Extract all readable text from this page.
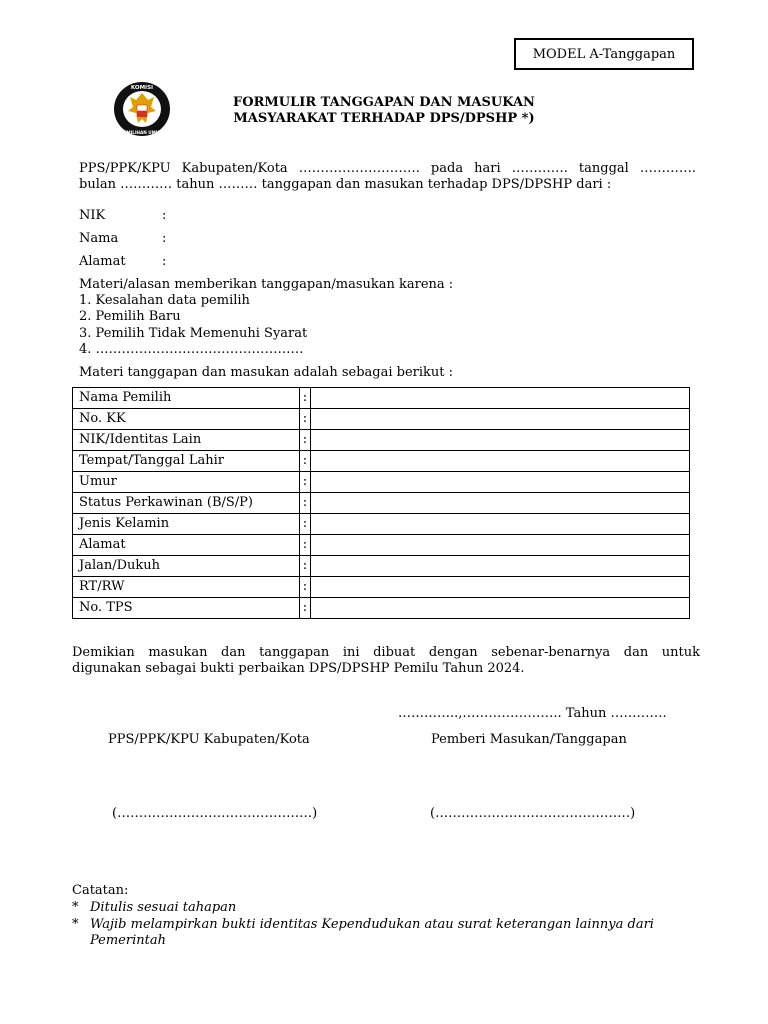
MODEL A-Tanggapan
KOMISI
PEMILIHAN UMUM
FORMULIR TANGGAPAN DAN MASUKAN
MASYARAKAT TERHADAP DPS/DPSHP *)
PPS/PPK/KPU Kabupaten/Kota ………………………. pada hari …………. tanggal ………….
bulan ………… tahun ……… tanggapan dan masukan terhadap DPS/DPSHP dari :
NIK	:
Nama	:
Alamat	:
Materi/alasan memberikan tanggapan/masukan karena :
1. Kesalahan data pemilih
2. Pemilih Baru
3. Pemilih Tidak Memenuhi Syarat
4. …………………………………………
Materi tanggapan dan masukan adalah sebagai berikut :
Nama Pemilih	:	
No. KK	:	
NIK/Identitas Lain	:	
Tempat/Tanggal Lahir	:	
Umur	:	
Status Perkawinan (B/S/P)	:	
Jenis Kelamin	:	
Alamat	:	
Jalan/Dukuh	:	
RT/RW	:	
No. TPS	:	
Demikian masukan dan tanggapan ini dibuat dengan sebenar-benarnya dan untuk
digunakan sebagai bukti perbaikan DPS/DPSHP Pemilu Tahun 2024.
…………..,………………….. Tahun ………….
PPS/PPK/KPU Kabupaten/Kota	Pemberi Masukan/Tanggapan
(………………………………………)	(………………………………………)
Catatan:
* Ditulis sesuai tahapan
* Wajib melampirkan bukti identitas Kependudukan atau surat keterangan lainnya dari
Pemerintah
